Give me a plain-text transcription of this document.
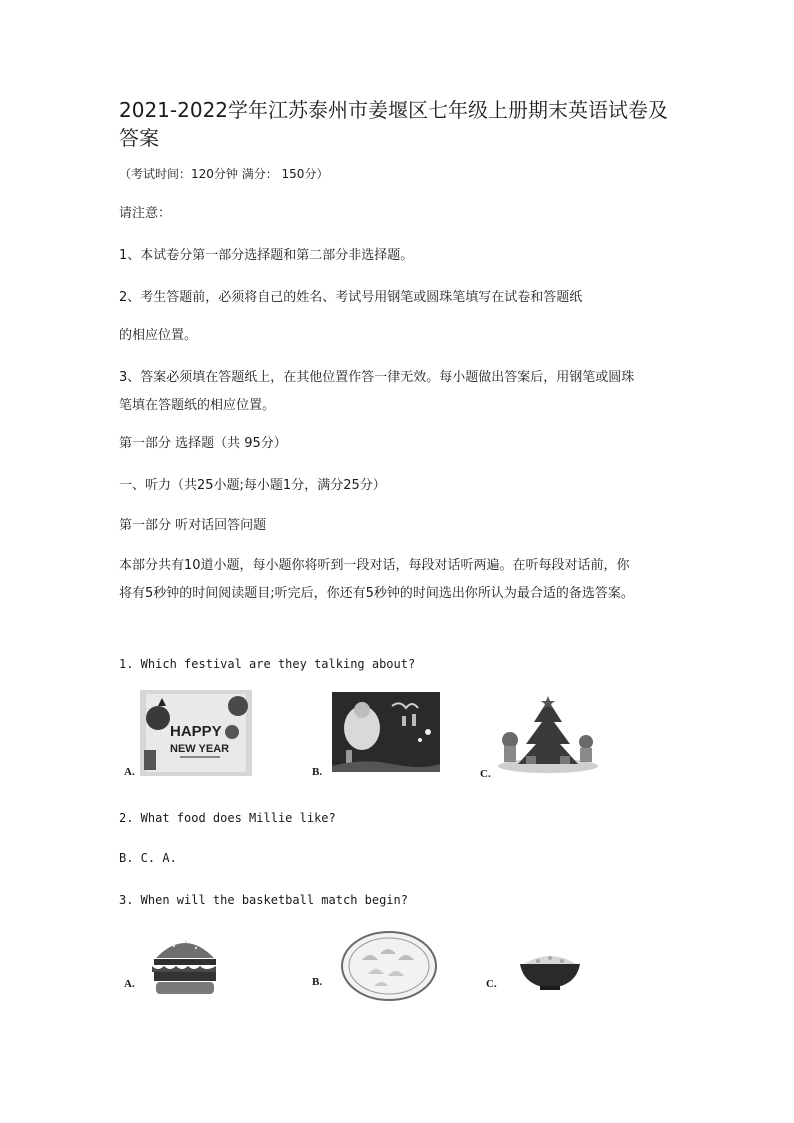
2021-2022学年江苏泰州市姜堰区七年级上册期末英语试卷及答案
（考试时间：120分钟 满分： 150分）
请注意：
1、本试卷分第一部分选择题和第二部分非选择题。
2、考生答题前，必须将自己的姓名、考试号用钢笔或圆珠笔填写在试卷和答题纸
的相应位置。
3、答案必须填在答题纸上，在其他位置作答一律无效。每小题做出答案后，用钢笔或圆珠
笔填在答题纸的相应位置。
第一部分 选择题（共 95分）
一、听力（共25小题;每小题1分，满分25分）
第一部分 听对话回答问题
本部分共有10道小题，每小题你将听到一段对话，每段对话听两遍。在听每段对话前，你
将有5秒钟的时间阅读题目;听完后，你还有5秒钟的时间选出你所认为最合适的备选答案。
1. Which festival are they talking about?
A.
HAPPY
NEW YEAR
B.	C.
2. What food does Millie like?
B. C. A.
3. When will the basketball match begin?
A.	B.	C.
